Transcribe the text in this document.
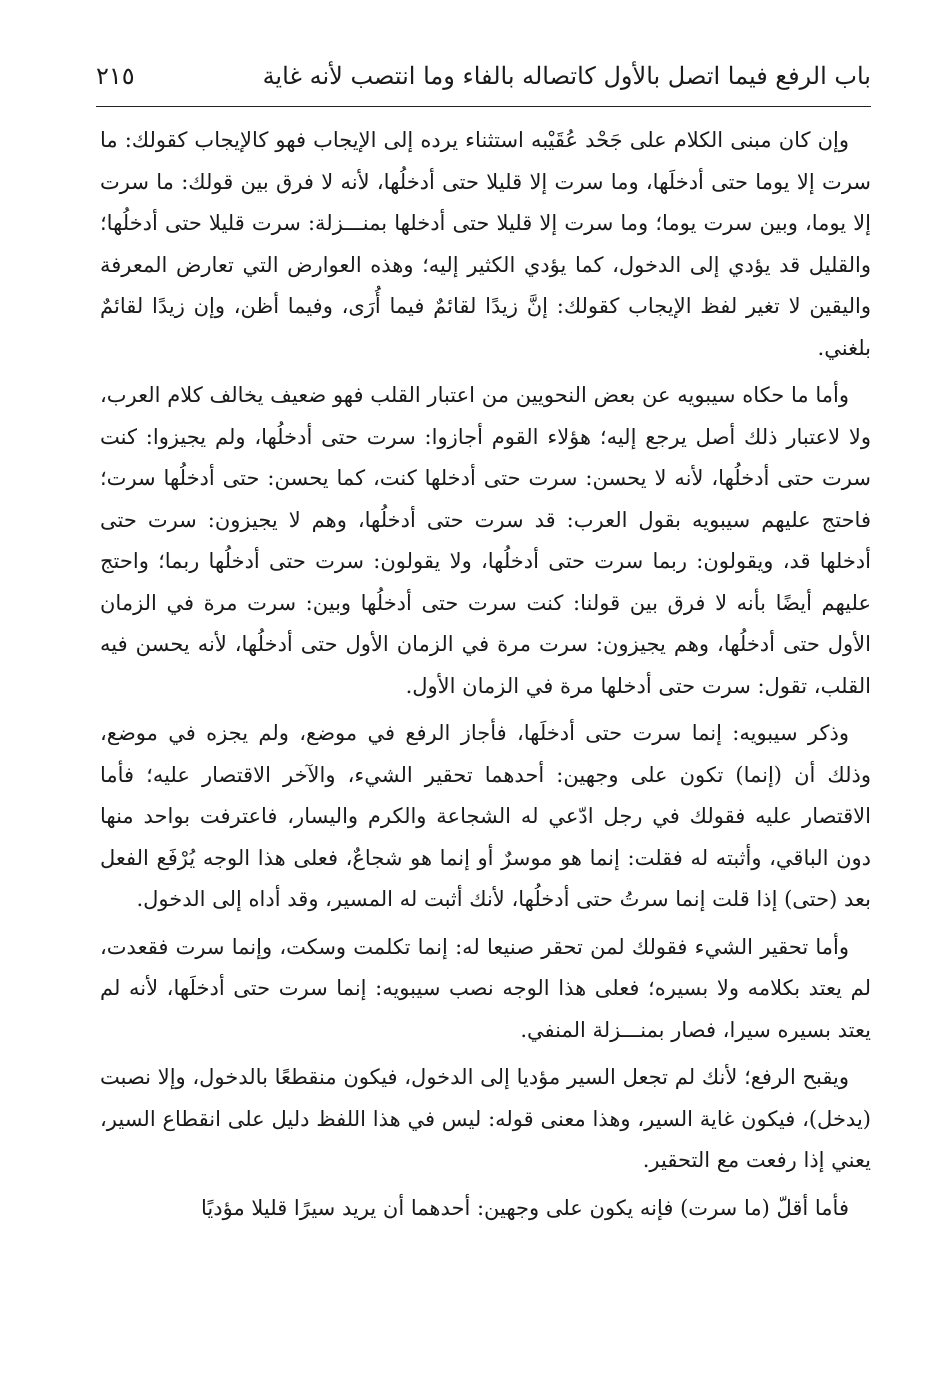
باب الرفع فيما اتصل بالأول كاتصاله بالفاء وما انتصب لأنه غاية
٢١٥

وإن كان مبنى الكلام على جَحْد عُقَيْبه استثناء يرده إلى الإيجاب فهو كالإيجاب كقولك: ما سرت إلا يوما حتى أدخلَها، وما سرت إلا قليلا حتى أدخلُها، لأنه لا فرق بين قولك: ما سرت إلا يوما، وبين سرت يوما؛ وما سرت إلا قليلا حتى أدخلها بمنـــزلة: سرت قليلا حتى أدخلُها؛ والقليل قد يؤدي إلى الدخول، كما يؤدي الكثير إليه؛ وهذه العوارض التي تعارض المعرفة واليقين لا تغير لفظ الإيجاب كقولك: إنَّ زيدًا لقائمٌ فيما أُرَى، وفيما أظن، وإن زيدًا لقائمٌ بلغني.

وأما ما حكاه سيبويه عن بعض النحويين من اعتبار القلب فهو ضعيف يخالف كلام العرب، ولا لاعتبار ذلك أصل يرجع إليه؛ هؤلاء القوم أجازوا: سرت حتى أدخلُها، ولم يجيزوا: كنت سرت حتى أدخلُها، لأنه لا يحسن: سرت حتى أدخلها كنت، كما يحسن: حتى أدخلُها سرت؛ فاحتج عليهم سيبويه بقول العرب: قد سرت حتى أدخلُها، وهم لا يجيزون: سرت حتى أدخلها قد، ويقولون: ربما سرت حتى أدخلُها، ولا يقولون: سرت حتى أدخلُها ربما؛ واحتج عليهم أيضًا بأنه لا فرق بين قولنا: كنت سرت حتى أدخلُها وبين: سرت مرة في الزمان الأول حتى أدخلُها، وهم يجيزون: سرت مرة في الزمان الأول حتى أدخلُها، لأنه يحسن فيه القلب، تقول: سرت حتى أدخلها مرة في الزمان الأول.

وذكر سيبويه: إنما سرت حتى أدخلَها، فأجاز الرفع في موضع، ولم يجزه في موضع، وذلك أن (إنما) تكون على وجهين: أحدهما تحقير الشيء، والآخر الاقتصار عليه؛ فأما الاقتصار عليه فقولك في رجل ادّعي له الشجاعة والكرم واليسار، فاعترفت بواحد منها دون الباقي، وأثبته له فقلت: إنما هو موسرٌ أو إنما هو شجاعٌ، فعلى هذا الوجه يُرْفَع الفعل بعد (حتى) إذا قلت إنما سرتُ حتى أدخلُها، لأنك أثبت له المسير، وقد أداه إلى الدخول.

وأما تحقير الشيء فقولك لمن تحقر صنيعا له: إنما تكلمت وسكت، وإنما سرت فقعدت، لم يعتد بكلامه ولا بسيره؛ فعلى هذا الوجه نصب سيبويه: إنما سرت حتى أدخلَها، لأنه لم يعتد بسيره سيرا، فصار بمنـــزلة المنفي.

ويقبح الرفع؛ لأنك لم تجعل السير مؤديا إلى الدخول، فيكون منقطعًا بالدخول، وإلا نصبت (يدخل)، فيكون غاية السير، وهذا معنى قوله: ليس في هذا اللفظ دليل على انقطاع السير، يعني إذا رفعت مع التحقير.

فأما أقلّ (ما سرت) فإنه يكون على وجهين: أحدهما أن يريد سيرًا قليلا مؤديًا
